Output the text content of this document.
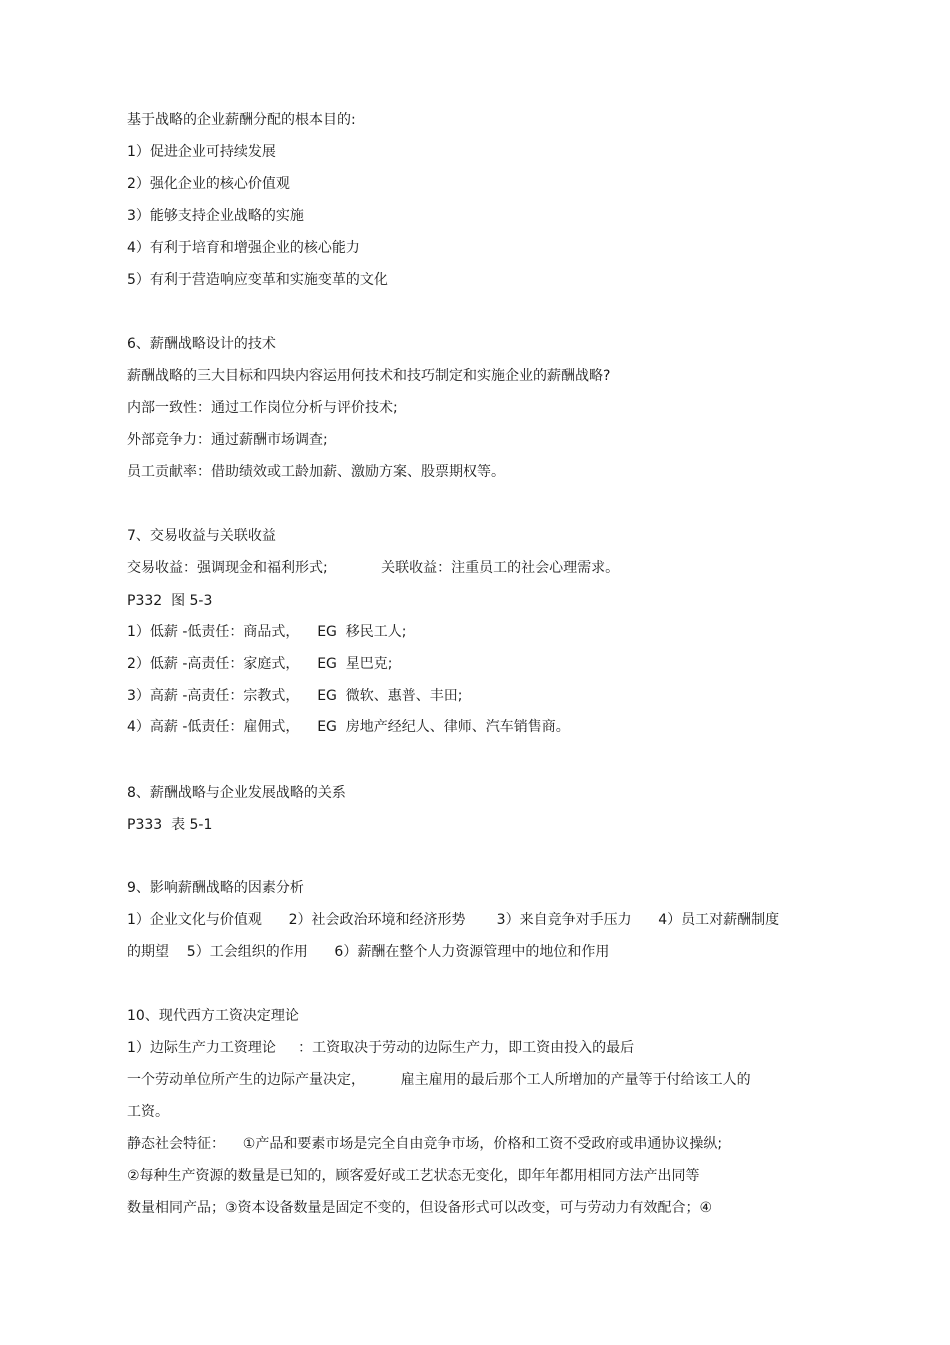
基于战略的企业薪酬分配的根本目的:
1）促进企业可持续发展
2）强化企业的核心价值观
3）能够支持企业战略的实施
4）有利于培育和增强企业的核心能力
5）有利于营造响应变革和实施变革的文化
6、薪酬战略设计的技术
薪酬战略的三大目标和四块内容运用何技术和技巧制定和实施企业的薪酬战略?
内部一致性：通过工作岗位分析与评价技术;
外部竞争力：通过薪酬市场调查;
员工贡献率：借助绩效或工龄加薪、激励方案、股票期权等。
7、交易收益与关联收益
交易收益：强调现金和福利形式;            关联收益：注重员工的社会心理需求。
P332  图 5-3
1）低薪 -低责任：商品式，    EG  移民工人;
2）低薪 -高责任：家庭式，    EG  星巴克;
3）高薪 -高责任：宗教式，    EG  微软、惠普、丰田;
4）高薪 -低责任：雇佣式，    EG  房地产经纪人、律师、汽车销售商。
8、薪酬战略与企业发展战略的关系
P333  表 5-1
9、影响薪酬战略的因素分析
1）企业文化与价值观      2）社会政治环境和经济形势       3）来自竞争对手压力      4）员工对薪酬制度
的期望    5）工会组织的作用      6）薪酬在整个人力资源管理中的地位和作用
10、现代西方工资决定理论
1）边际生产力工资理论     ：工资取决于劳动的边际生产力，即工资由投入的最后
一个劳动单位所产生的边际产量决定，        雇主雇用的最后那个工人所增加的产量等于付给该工人的
工资。
静态社会特征：    ①产品和要素市场是完全自由竞争市场，价格和工资不受政府或串通协议操纵;
②每种生产资源的数量是已知的，顾客爱好或工艺状态无变化，即年年都用相同方法产出同等
数量相同产品；③资本设备数量是固定不变的，但设备形式可以改变，可与劳动力有效配合；④
